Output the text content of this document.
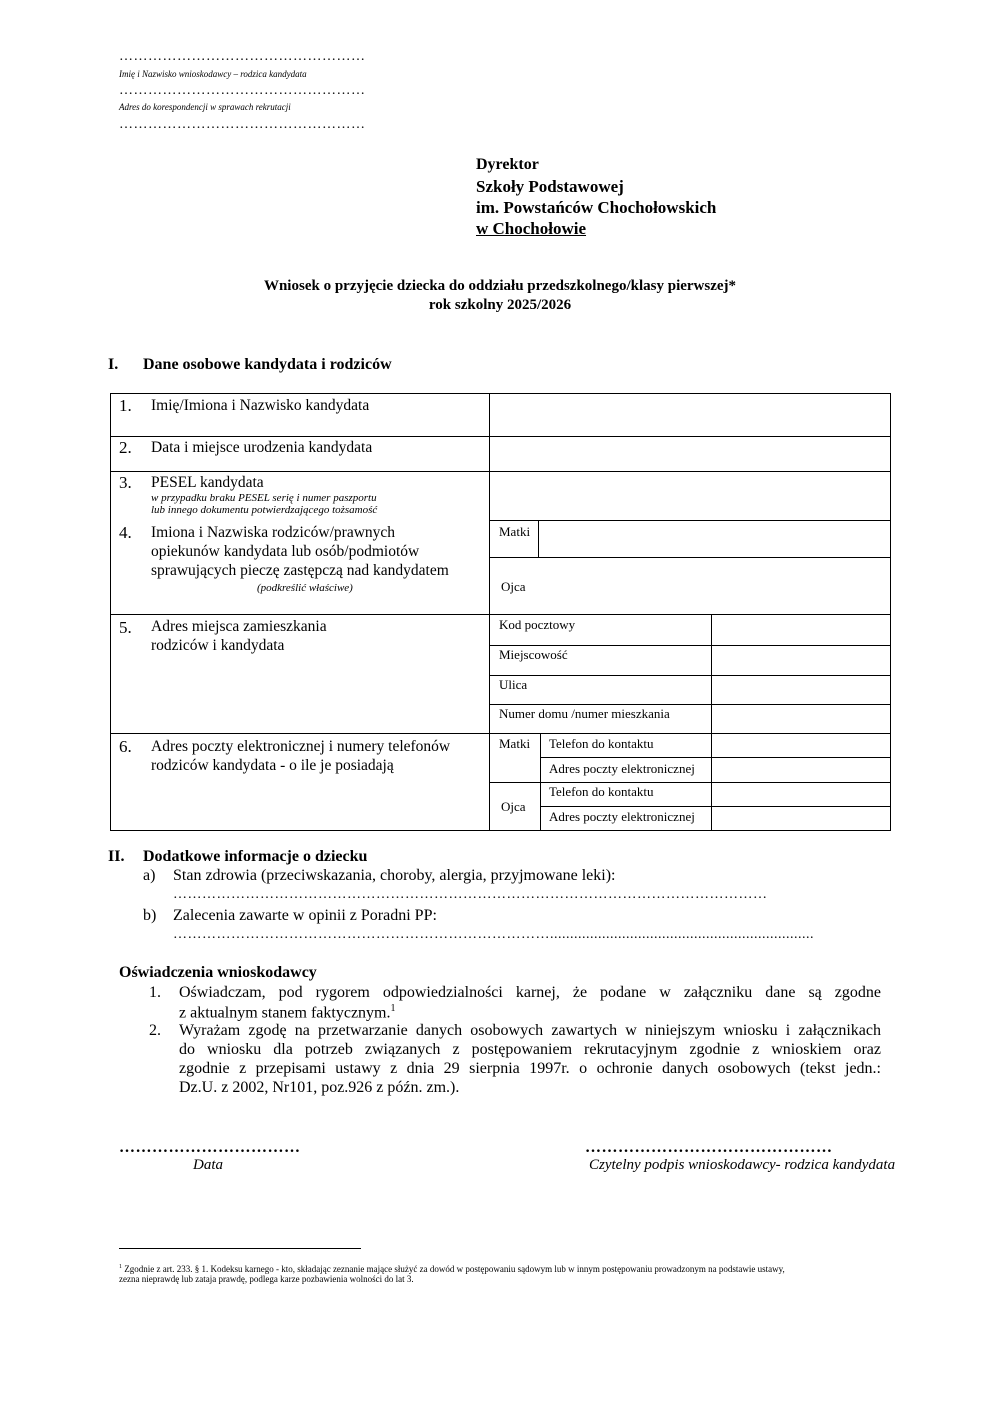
……………………………………………
Imię i Nazwisko wnioskodawcy – rodzica kandydata
……………………………………………
Adres do korespondencji w sprawach rekrutacji
……………………………………………
Dyrektor
Szkoły Podstawowej
im. Powstańców Chochołowskich
w Chochołowie
Wniosek o przyjęcie dziecka do oddziału przedszkolnego/klasy pierwszej*
rok szkolny 2025/2026
I. Dane osobowe kandydata i rodziców
1. Imię/Imiona i Nazwisko kandydata
2. Data i miejsce urodzenia kandydata
3. PESEL kandydata
w przypadku braku PESEL serię i numer paszportu
lub innego dokumentu potwierdzającego tożsamość
4. Imiona i Nazwiska rodziców/prawnych
opiekunów kandydata lub osób/podmiotów
sprawujących pieczę zastępczą nad kandydatem
(podkreślić właściwe)
Matki
Ojca
5. Adres miejsca zamieszkania
rodziców i kandydata
Kod pocztowy
Miejscowość
Ulica
Numer domu /numer mieszkania
6. Adres poczty elektronicznej i numery telefonów
rodziców kandydata - o ile je posiadają
Matki
Ojca
Telefon do kontaktu
Adres poczty elektronicznej
Telefon do kontaktu
Adres poczty elektronicznej
II. Dodatkowe informacje o dziecku
a) Stan zdrowia (przeciwskazania, choroby, alergia, przyjmowane leki):
……………………………………………………………………………………………………………
b) Zalecenia zawarte w opinii z Poradni PP:
……………………………………………………………………..................................................................
Oświadczenia wnioskodawcy
1. Oświadczam, pod rygorem odpowiedzialności karnej, że podane w załączniku dane są zgodne
z aktualnym stanem faktycznym.$^1$
2. Wyrażam zgodę na przetwarzanie danych osobowych zawartych w niniejszym wniosku i załącznikach
do wniosku dla potrzeb związanych z postępowaniem rekrutacyjnym zgodnie z wnioskiem oraz
zgodnie z przepisami ustawy z dnia 29 sierpnia 1997r. o ochronie danych osobowych (tekst jedn.:
Dz.U. z 2002, Nr101, poz.926 z późn. zm.).
……………………………
Data
………………………………………
Czytelny podpis wnioskodawcy- rodzica kandydata
$^1$ Zgodnie z art. 233. § 1. Kodeksu karnego - kto, składając zeznanie mające służyć za dowód w postępowaniu sądowym lub w innym postępowaniu prowadzonym na podstawie ustawy,
zezna nieprawdę lub zataja prawdę, podlega karze pozbawienia wolności do lat 3.
